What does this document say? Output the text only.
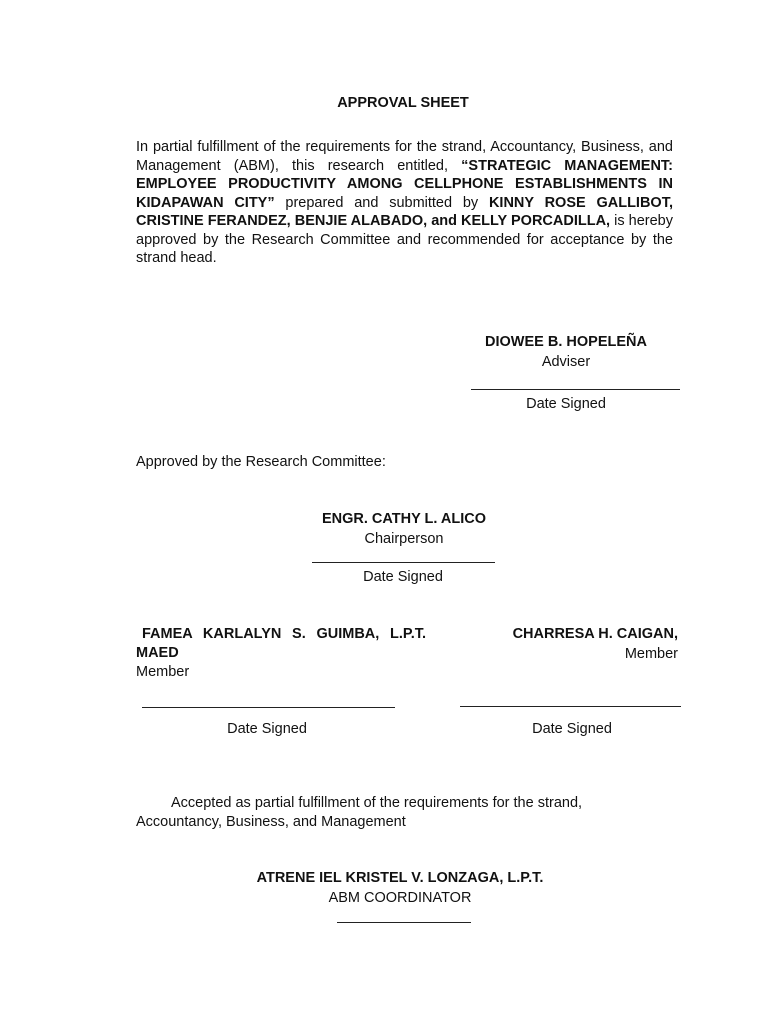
APPROVAL SHEET
In partial fulfillment of the requirements for the strand, Accountancy, Business, and Management (ABM), this research entitled, “STRATEGIC MANAGEMENT: EMPLOYEE PRODUCTIVITY AMONG CELLPHONE ESTABLISHMENTS IN KIDAPAWAN CITY” prepared and submitted by KINNY ROSE GALLIBOT, CRISTINE FERANDEZ, BENJIE ALABADO, and KELLY PORCADILLA, is hereby approved by the Research Committee and recommended for acceptance by the strand head.
DIOWEE B. HOPELEÑA
Adviser
Date Signed
Approved by the Research Committee:
ENGR. CATHY L. ALICO
Chairperson
Date Signed
FAMEA KARLALYN S. GUIMBA, L.P.T.
MAED
Member
Date Signed
CHARRESA H. CAIGAN,
Member
Date Signed
Accepted as partial fulfillment of the requirements for the strand,
Accountancy, Business, and Management
ATRENE IEL KRISTEL V. LONZAGA, L.P.T.
ABM COORDINATOR
